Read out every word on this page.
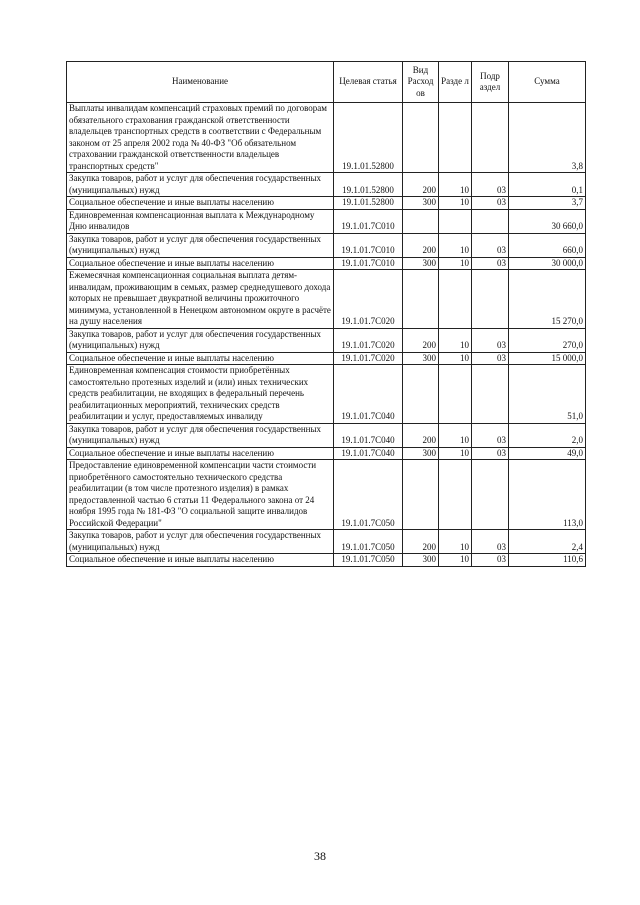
Наименование	Целевая статья	Вид Расход ов	Разде л	Подр аздел	Сумма
Выплаты инвалидам компенсаций страховых премий по договорам обязательного страхования гражданской ответственности владельцев транспортных средств в соответствии с Федеральным законом от 25 апреля 2002 года № 40-ФЗ "Об обязательном страховании гражданской ответственности владельцев транспортных средств"	19.1.01.52800				3,8
Закупка товаров, работ и услуг для обеспечения государственных (муниципальных) нужд	19.1.01.52800	200	10	03	0,1
Социальное обеспечение и иные выплаты населению	19.1.01.52800	300	10	03	3,7
Единовременная компенсационная выплата к Международному Дню инвалидов	19.1.01.7C010				30 660,0
Закупка товаров, работ и услуг для обеспечения государственных (муниципальных) нужд	19.1.01.7C010	200	10	03	660,0
Социальное обеспечение и иные выплаты населению	19.1.01.7C010	300	10	03	30 000,0
Ежемесячная компенсационная социальная выплата детям-инвалидам, проживающим в семьях, размер среднедушевого дохода которых не превышает двукратной величины прожиточного минимума, установленной в Ненецком автономном округе в расчёте на душу населения	19.1.01.7C020				15 270,0
Закупка товаров, работ и услуг для обеспечения государственных (муниципальных) нужд	19.1.01.7C020	200	10	03	270,0
Социальное обеспечение и иные выплаты населению	19.1.01.7C020	300	10	03	15 000,0
Единовременная компенсация стоимости приобретённых самостоятельно протезных изделий и (или) иных технических средств реабилитации, не входящих в федеральный перечень реабилитационных мероприятий, технических средств реабилитации и услуг, предоставляемых инвалиду	19.1.01.7C040				51,0
Закупка товаров, работ и услуг для обеспечения государственных (муниципальных) нужд	19.1.01.7C040	200	10	03	2,0
Социальное обеспечение и иные выплаты населению	19.1.01.7C040	300	10	03	49,0
Предоставление единовременной компенсации части стоимости приобретённого самостоятельно технического средства реабилитации (в том числе протезного изделия) в рамках предоставленной частью 6 статьи 11 Федерального закона от 24 ноября 1995 года № 181-ФЗ "О социальной защите инвалидов Российской Федерации"	19.1.01.7C050				113,0
Закупка товаров, работ и услуг для обеспечения государственных (муниципальных) нужд	19.1.01.7C050	200	10	03	2,4
Социальное обеспечение и иные выплаты населению	19.1.01.7C050	300	10	03	110,6
38
